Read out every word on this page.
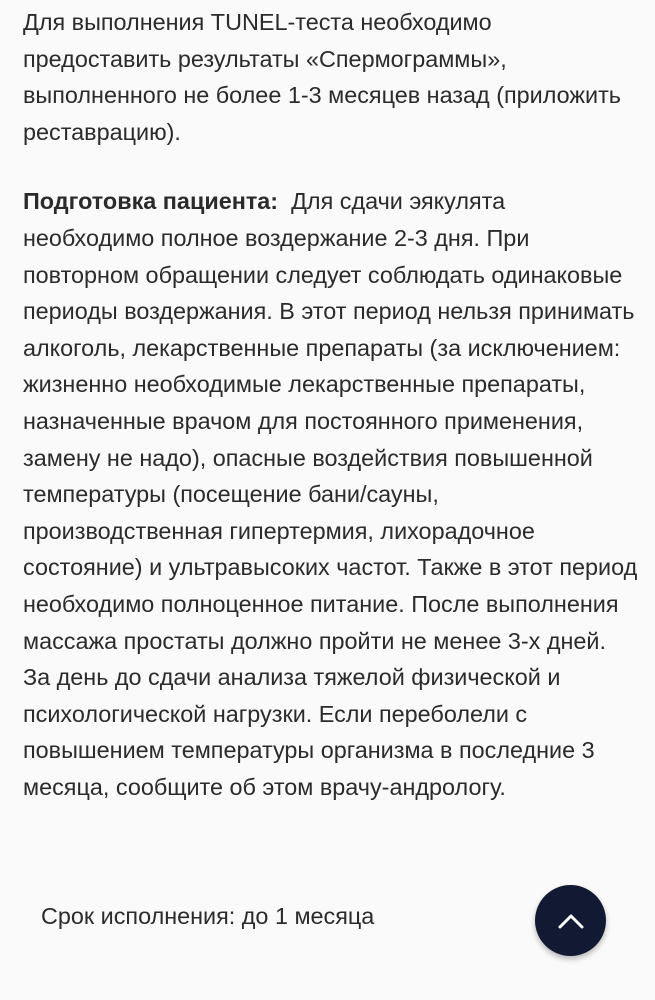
Для выполнения TUNEL-теста необходимо предоставить результаты «Спермограммы», выполненного не более 1-3 месяцев назад (приложить реставрацию).

Подготовка пациента: Для сдачи эякулята необходимо полное воздержание 2-3 дня. При повторном обращении следует соблюдать одинаковые периоды воздержания. В этот период нельзя принимать алкоголь, лекарственные препараты (за исключением: жизненно необходимые лекарственные препараты, назначенные врачом для постоянного применения, замену не надо), опасные воздействия повышенной температуры (посещение бани/сауны, производственная гипертермия, лихорадочное состояние) и ультравысоких частот. Также в этот период необходимо полноценное питание. После выполнения массажа простаты должно пройти не менее 3-х дней. За день до сдачи анализа тяжелой физической и психологической нагрузки. Если переболели с повышением температуры организма в последние 3 месяца, сообщите об этом врачу-андрологу.

Срок исполнения: до 1 месяца
